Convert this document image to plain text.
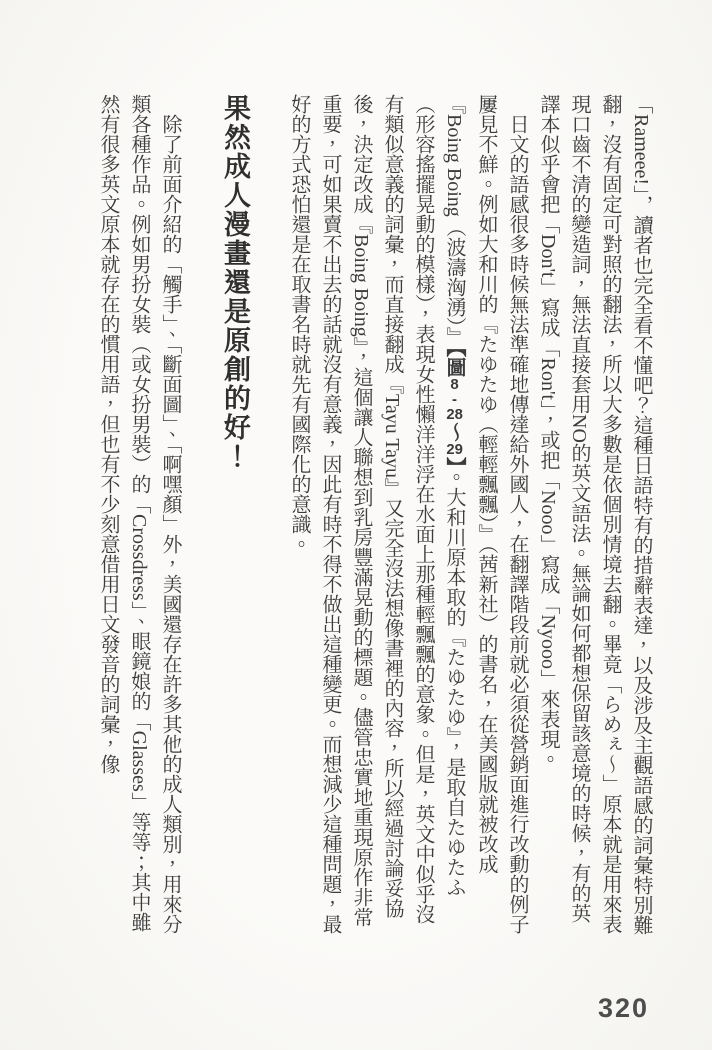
「Rameee!」，讀者也完全看不懂吧？這種日語特有的措辭表達，以及涉及主觀語感的詞彙特別難翻，沒有固定可對照的翻法，所以大多數是依個別情境去翻。畢竟「らめぇ～」原本就是用來表現口齒不清的變造詞，無法直接套用NO的英文語法。無論如何都想保留該意境的時候，有的英譯本似乎會把「Don't」寫成「Ron't」，或把「Nooo」寫成「Nyooo」來表現。

日文的語感很多時候無法準確地傳達給外國人，在翻譯階段前就必須從營銷面進行改動的例子屢見不鮮。例如大和川的『たゆたゆ（輕輕飄飄）』（茜新社）的書名，在美國版就被改成『Boing Boing（波濤洶湧）』【圖8-28～29】。大和川原本取的『たゆたゆ』，是取自たゆたふ（形容搖擺晃動的模樣），表現女性懶洋洋浮在水面上那種輕飄飄的意象。但是，英文中似乎沒有類似意義的詞彙，而直接翻成『Tayu Tayu』又完全沒法想像書裡的內容，所以經過討論妥協後，決定改成『Boing Boing』，這個讓人聯想到乳房豐滿晃動的標題。儘管忠實地重現原作非常重要，可如果賣不出去的話就沒有意義，因此有時不得不做出這種變更。而想減少這種問題，最好的方式恐怕還是在取書名時就先有國際化的意識。

果然成人漫畫還是原創的好！

除了前面介紹的「觸手」、「斷面圖」、「啊嘿顏」外，美國還存在許多其他的成人類別，用來分類各種作品。例如男扮女裝（或女扮男裝）的「Crossdress」、眼鏡娘的「Glasses」等等；其中雖然有很多英文原本就存在的慣用語，但也有不少刻意借用日文發音的詞彙，像

320
